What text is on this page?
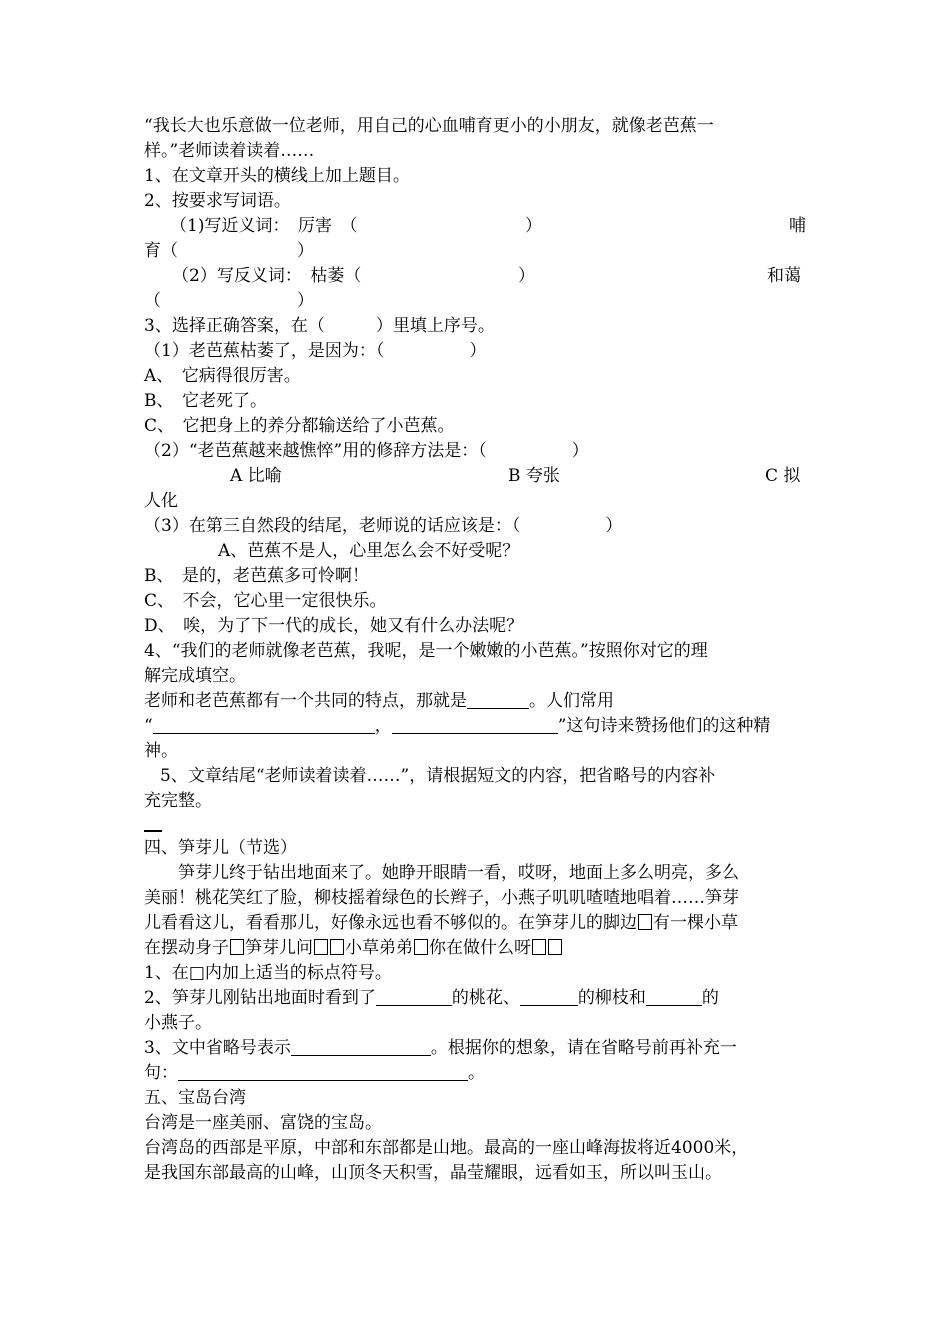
“我长大也乐意做一位老师，用自己的心血哺育更小的小朋友，就像老芭蕉一
样。”老师读着读着……
1、在文章开头的横线上加上题目。
2、按要求写词语。
（1)写近义词：　厉害　（	）	哺
育（　　　　　　　）
（2）写反义词：　枯萎（	）	和蔼
（　　　　　　　　）
3、选择正确答案，在（　　　）里填上序号。
（1）老芭蕉枯萎了，是因为：（　　　　　）
A、　它病得很厉害。
B、　它老死了。
C、　它把身上的养分都输送给了小芭蕉。
（2）“老芭蕉越来越憔悴”用的修辞方法是：（　　　　　）
A 比喻	B 夸张	C 拟
人化
（3）在第三自然段的结尾，老师说的话应该是：（　　　　　）
A、芭蕉不是人，心里怎么会不好受呢？
B、　是的，老芭蕉多可怜啊！
C、　不会，它心里一定很快乐。
D、　唉，为了下一代的成长，她又有什么办法呢？
4、“我们的老师就像老芭蕉，我呢，是一个嫩嫩的小芭蕉。”按照你对它的理
解完成填空。
老师和老芭蕉都有一个共同的特点，那就是	。人们常用
“	，	”这句诗来赞扬他们的这种精
神。
5、文章结尾“老师读着读着……”，请根据短文的内容，把省略号的内容补
充完整。
四、笋芽儿（节选）
笋芽儿终于钻出地面来了。她睁开眼睛一看，哎呀，地面上多么明亮，多么
美丽！桃花笑红了脸，柳枝摇着绿色的长辫子，小燕子叽叽喳喳地唱着……笋芽
儿看看这儿，看看那儿，好像永远也看不够似的。在笋芽儿的脚边 有一棵小草
在摆动身子 笋芽儿问 小草弟弟 你在做什么呀
1、在□内加上适当的标点符号。
2、笋芽儿刚钻出地面时看到了	的桃花、	的柳枝和	的
小燕子。
3、文中省略号表示	。根据你的想象，请在省略号前再补充一
句：	。
五、宝岛台湾
台湾是一座美丽、富饶的宝岛。
台湾岛的西部是平原，中部和东部都是山地。最高的一座山峰海拔将近4000米，
是我国东部最高的山峰，山顶冬天积雪，晶莹耀眼，远看如玉，所以叫玉山。
